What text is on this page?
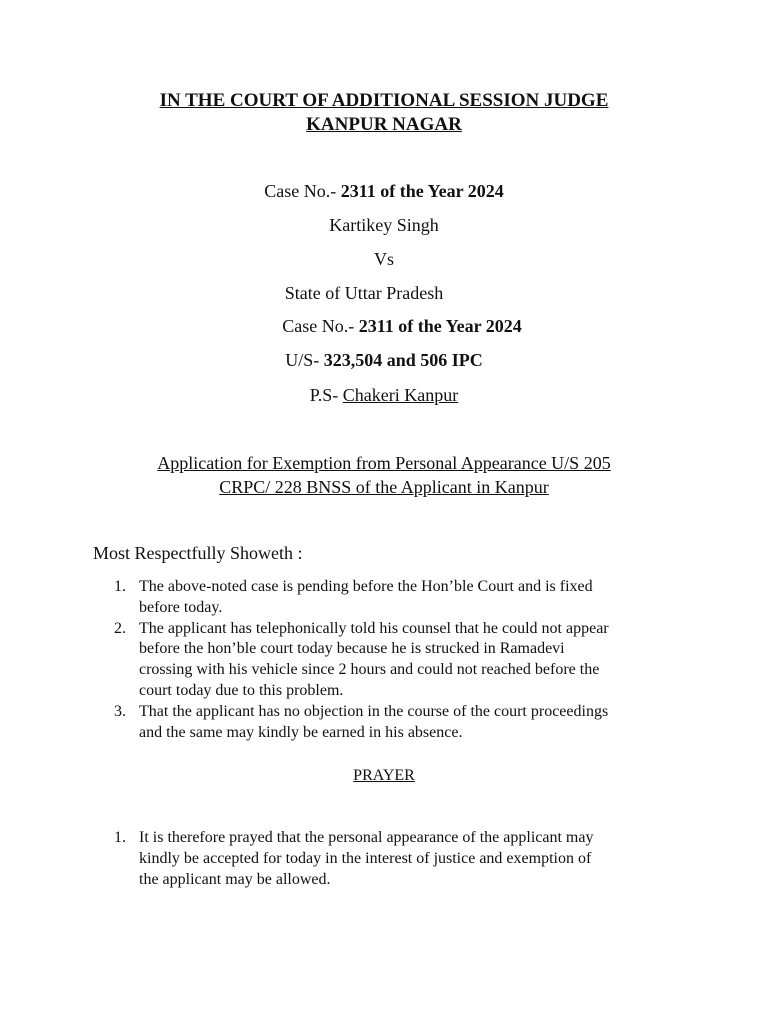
IN THE COURT OF ADDITIONAL SESSION JUDGE
KANPUR NAGAR
Case No.- 2311 of the Year 2024
Kartikey Singh
Vs
State of Uttar Pradesh
Case No.- 2311 of the Year 2024
U/S- 323,504 and 506 IPC
P.S- Chakeri Kanpur
Application for Exemption from Personal Appearance U/S 205
CRPC/ 228 BNSS of the Applicant in Kanpur
Most Respectfully Showeth :
1. The above-noted case is pending before the Hon’ble Court and is fixed
before today.
2. The applicant has telephonically told his counsel that he could not appear
before the hon’ble court today because he is strucked in Ramadevi
crossing with his vehicle since 2 hours and could not reached before the
court today due to this problem.
3. That the applicant has no objection in the course of the court proceedings
and the same may kindly be earned in his absence.
PRAYER
1. It is therefore prayed that the personal appearance of the applicant may
kindly be accepted for today in the interest of justice and exemption of
the applicant may be allowed.
